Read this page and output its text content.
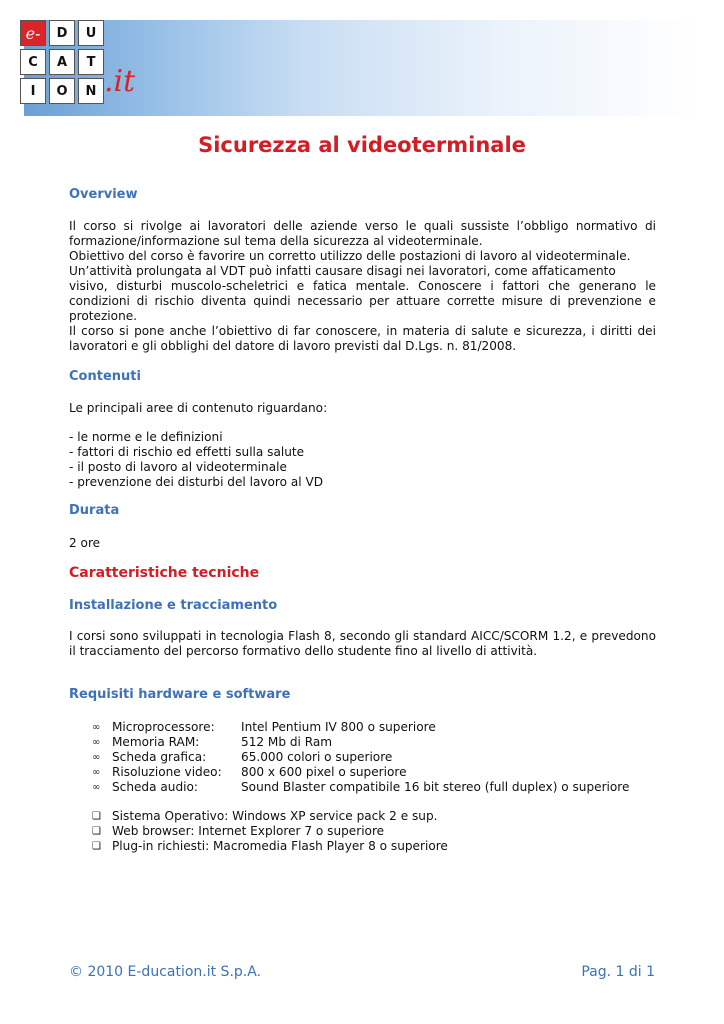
e-	D	U
C	A	T
I	O	N .it
Sicurezza al videoterminale
Overview

Il corso si rivolge ai lavoratori delle aziende verso le quali sussiste l’obbligo normativo di formazione/informazione sul tema della sicurezza al videoterminale.

Obiettivo del corso è favorire un corretto utilizzo delle postazioni di lavoro al videoterminale.

Un’attività prolungata al VDT può infatti causare disagi nei lavoratori, come affaticamento

visivo, disturbi muscolo-scheletrici e fatica mentale. Conoscere i fattori che generano le condizioni di rischio diventa quindi necessario per attuare corrette misure di prevenzione e protezione.

Il corso si pone anche l’obiettivo di far conoscere, in materia di salute e sicurezza, i diritti dei lavoratori e gli obblighi del datore di lavoro previsti dal D.Lgs. n. 81/2008.

Contenuti
Le principali aree di contenuto riguardano:
- le norme e le definizioni
- fattori di rischio ed effetti sulla salute
- il posto di lavoro al videoterminale
- prevenzione dei disturbi del lavoro al VD
Durata
2 ore
Caratteristiche tecniche
Installazione e tracciamento
I corsi sono sviluppati in tecnologia Flash 8, secondo gli standard AICC/SCORM 1.2, e prevedono il tracciamento del percorso formativo dello studente fino al livello di attività.
Requisiti hardware e software
∞ Microprocessore:	Intel Pentium IV 800 o superiore
∞ Memoria RAM:	512 Mb di Ram
∞ Scheda grafica:	65.000 colori o superiore
∞ Risoluzione video:	800 x 600 pixel o superiore
∞ Scheda audio:	Sound Blaster compatibile 16 bit stereo (full duplex) o superiore
❑ Sistema Operativo: Windows XP service pack 2 e sup.
❑ Web browser: Internet Explorer 7 o superiore
❑ Plug-in richiesti: Macromedia Flash Player 8 o superiore
© 2010 E-ducation.it S.p.A.	Pag. 1 di 1
